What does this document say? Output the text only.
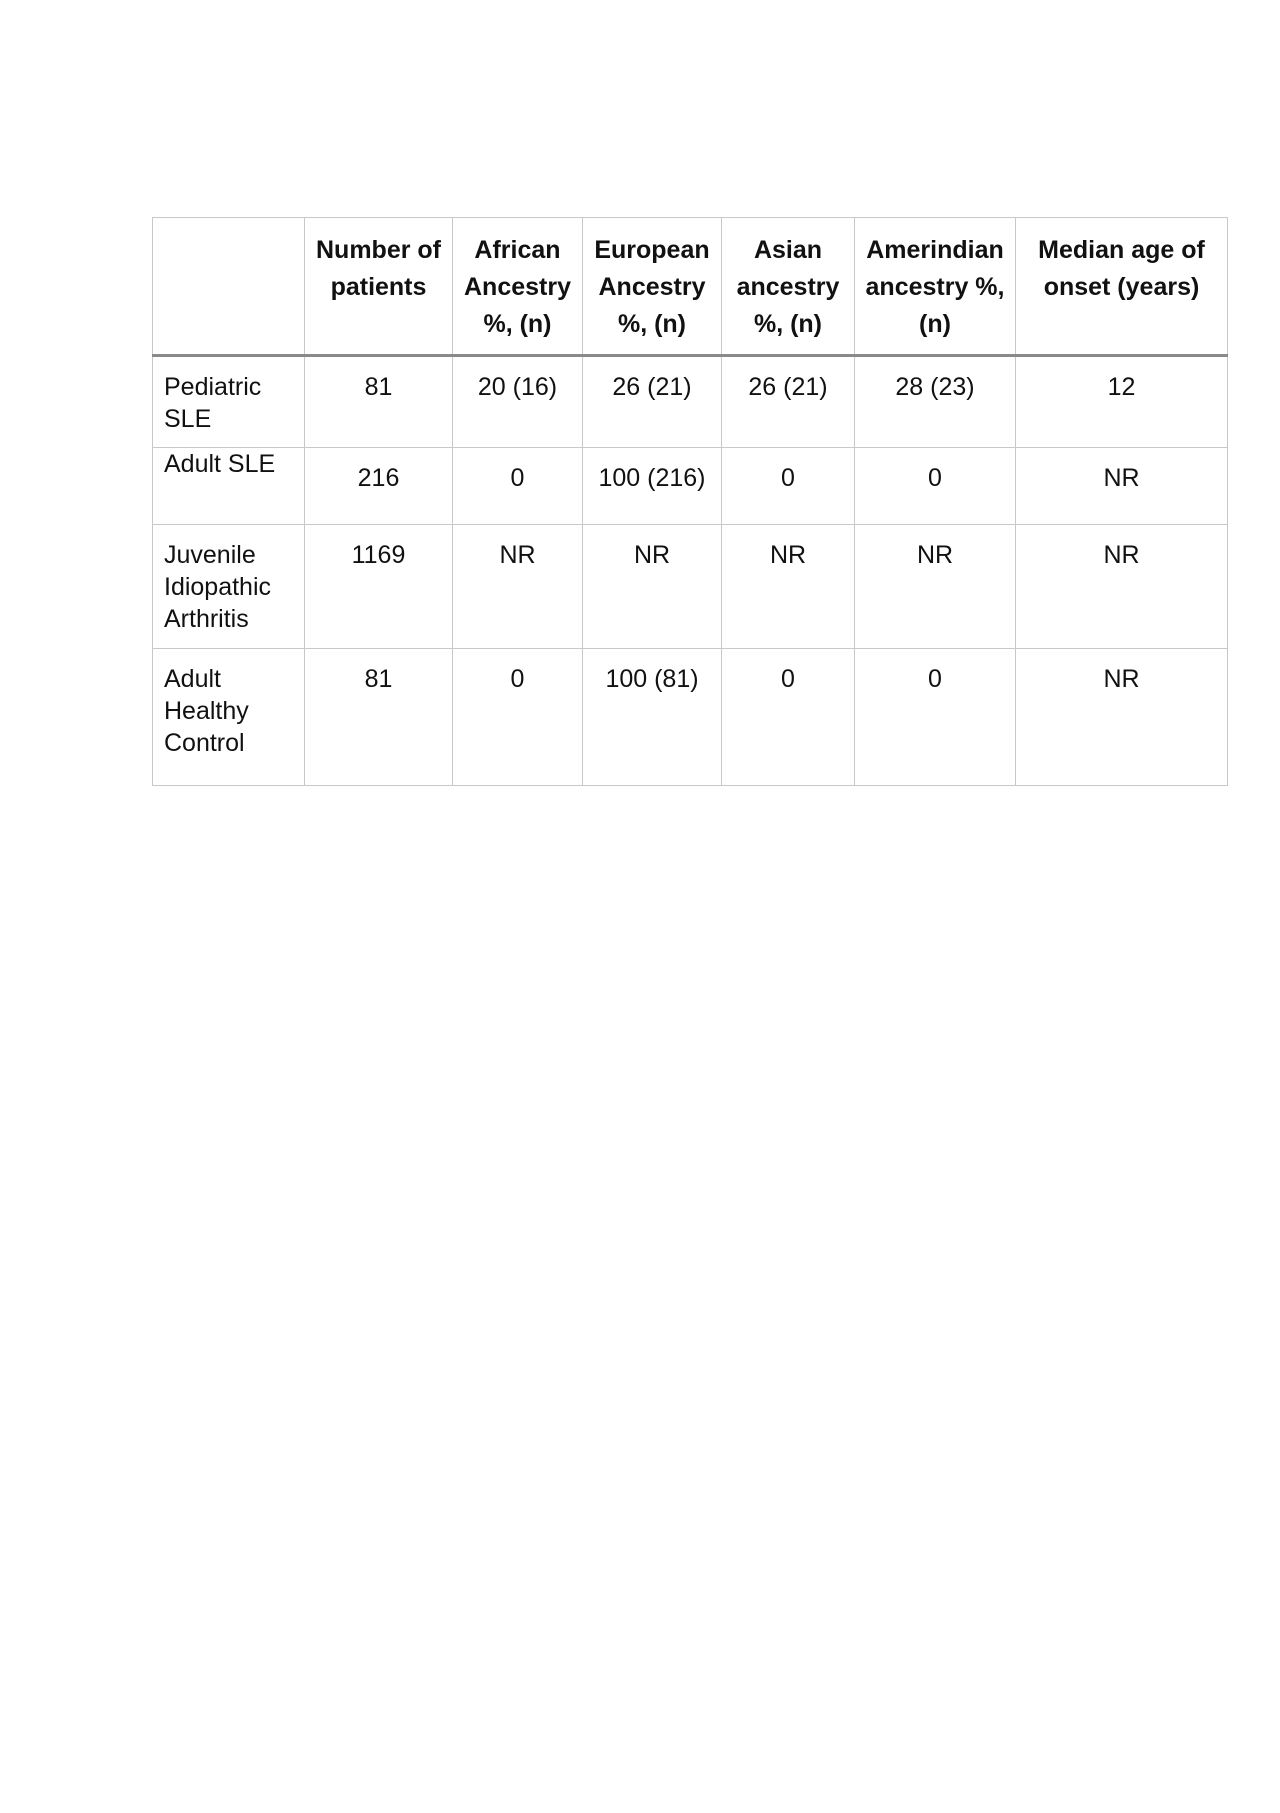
	Number of patients	African Ancestry %, (n)	European Ancestry %, (n)	Asian ancestry %, (n)	Amerindian ancestry %, (n)	Median age of onset (years)

Pediatric SLE	81	20 (16)	26 (21)	26 (21)	28 (23)	12
Adult SLE	216	0	100 (216)	0	0	NR
Juvenile Idiopathic Arthritis	1169	NR	NR	NR	NR	NR
Adult Healthy Control	81	0	100 (81)	0	0	NR
